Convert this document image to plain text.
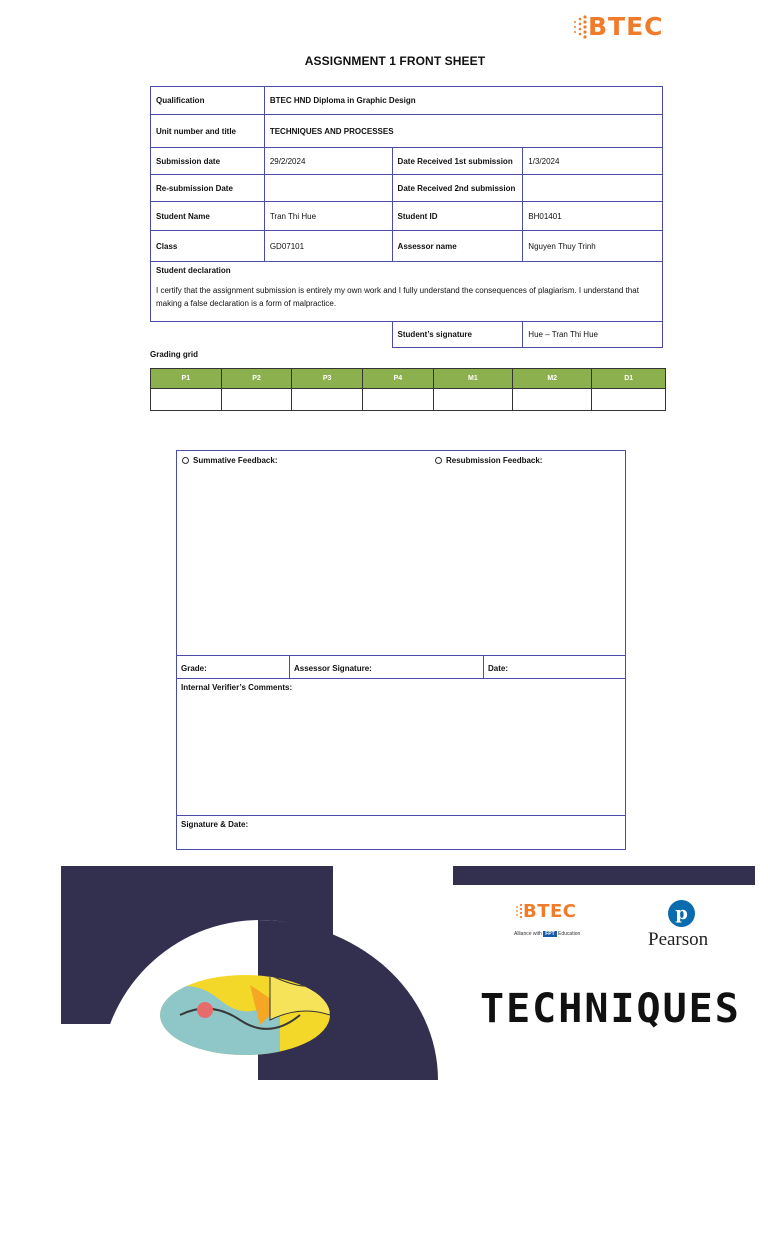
BTEC
ASSIGNMENT 1 FRONT SHEET
Qualification	BTEC HND Diploma in Graphic Design		
Unit number and title	TECHNIQUES AND PROCESSES		
Submission date	29/2/2024	Date Received 1st submission	1/3/2024
Re-submission Date		Date Received 2nd submission	
Student Name	Tran Thi Hue	Student ID	BH01401
Class	GD07101	Assessor name	Nguyen Thuy Trinh

Student declaration
I certify that the assignment submission is entirely my own work and I fully understand the consequences of plagiarism. I understand that making a false declaration is a form of malpractice.			

		Student’s signature	Hue – Tran Thi Hue
Grading grid
P1	P2	P3	P4	M1	M2	D1

Summative Feedback:	Resubmission Feedback:
Grade:	Assessor Signature:	Date:
Internal Verifier’s Comments:
Signature & Date:
BTEC
Alliance with FPT Education
p
Pearson
TECHNIQUES
